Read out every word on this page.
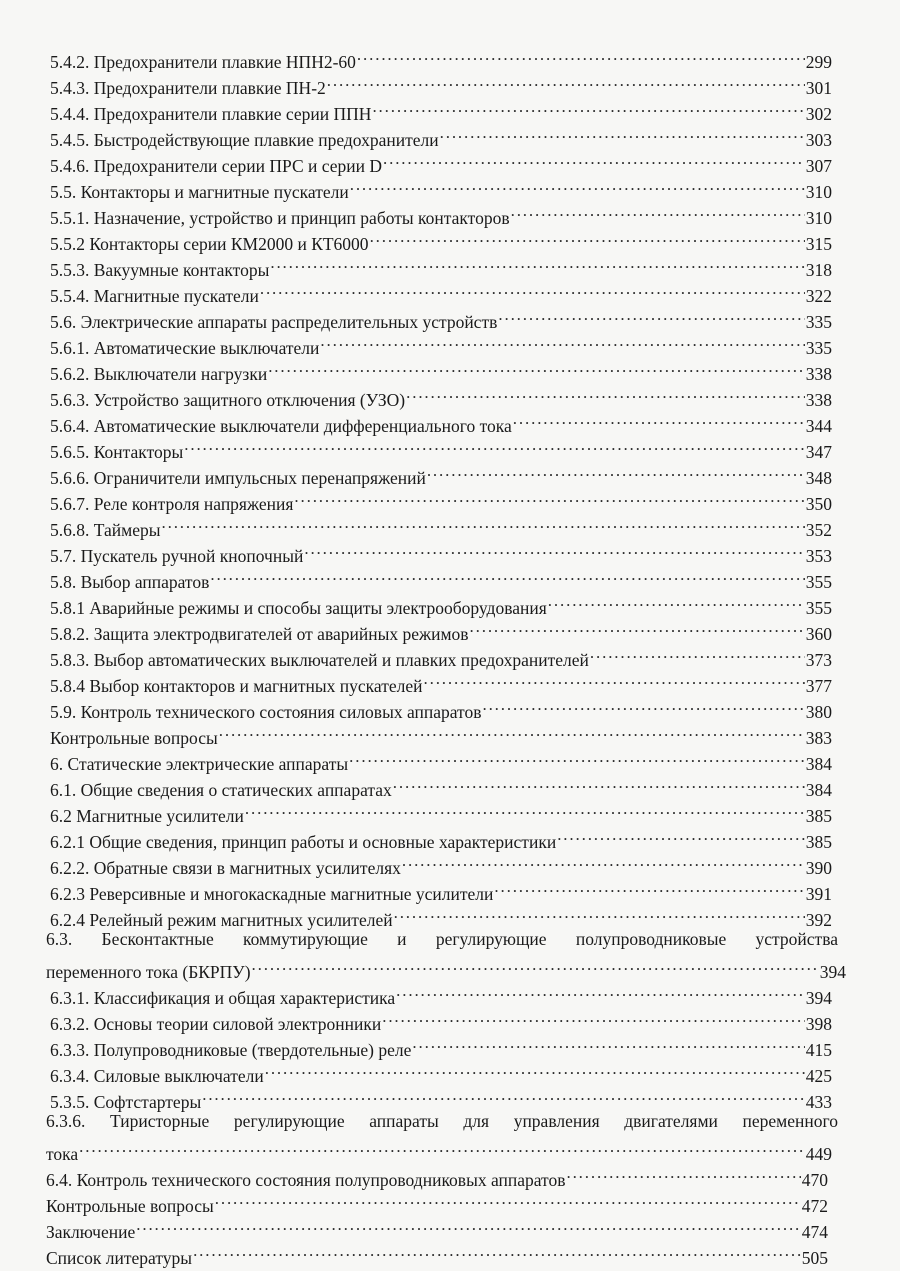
5.4.2. Предохранители плавкие НПН2-60 . . .	299
5.4.3. Предохранители плавкие ПН-2 . . .	301
5.4.4. Предохранители плавкие серии ППН . . .	302
5.4.5. Быстродействующие плавкие предохранители . . .	303
5.4.6. Предохранители серии ПРС и серии D . . .	307
5.5. Контакторы и магнитные пускатели . . .	310
5.5.1. Назначение, устройство и принцип работы контакторов . . .	310
5.5.2 Контакторы серии КМ2000 и КТ6000 . . .	315
5.5.3. Вакуумные контакторы . . .	318
5.5.4. Магнитные пускатели . . .	322
5.6. Электрические аппараты распределительных устройств . . .	335
5.6.1. Автоматические выключатели . . .	335
5.6.2. Выключатели нагрузки . . .	338
5.6.3. Устройство защитного отключения (УЗО) . . .	338
5.6.4. Автоматические выключатели дифференциального тока . . .	344
5.6.5. Контакторы . . .	347
5.6.6. Ограничители импульсных перенапряжений . . .	348
5.6.7. Реле контроля напряжения . . .	350
5.6.8. Таймеры . . .	352
5.7. Пускатель ручной кнопочный . . .	353
5.8. Выбор аппаратов . . .	355
5.8.1 Аварийные режимы и способы защиты электрооборудования . . .	355
5.8.2. Защита электродвигателей от аварийных режимов . . .	360
5.8.3. Выбор автоматических выключателей и плавких предохранителей . . .	373
5.8.4 Выбор контакторов и магнитных пускателей . . .	377
5.9. Контроль технического состояния силовых аппаратов . . .	380
Контрольные вопросы . . .	383
6. Статические электрические аппараты . . .	384
6.1. Общие сведения о статических аппаратах . . .	384
6.2 Магнитные усилители . . .	385
6.2.1 Общие сведения, принцип работы и основные характеристики . . .	385
6.2.2. Обратные связи в магнитных усилителях . . .	390
6.2.3 Реверсивные и многокаскадные магнитные усилители . . .	391
6.2.4 Релейный режим магнитных усилителей . . .	392
6.3. Бесконтактные коммутирующие и регулирующие полупроводниковые устройства
переменного тока (БКРПУ) . . .	394
6.3.1. Классификация и общая характеристика . . .	394
6.3.2. Основы теории силовой электронники . . .	398
6.3.3. Полупроводниковые (твердотельные) реле . . .	415
6.3.4. Силовые выключатели . . .	425
5.3.5. Софтстартеры . . .	433
6.3.6. Тиристорные регулирующие аппараты для управления двигателями переменного
тока . . .	449
6.4. Контроль технического состояния полупроводниковых аппаратов . . .	470
Контрольные вопросы . . .	472
Заключение . . .	474
Список литературы . . .	505
